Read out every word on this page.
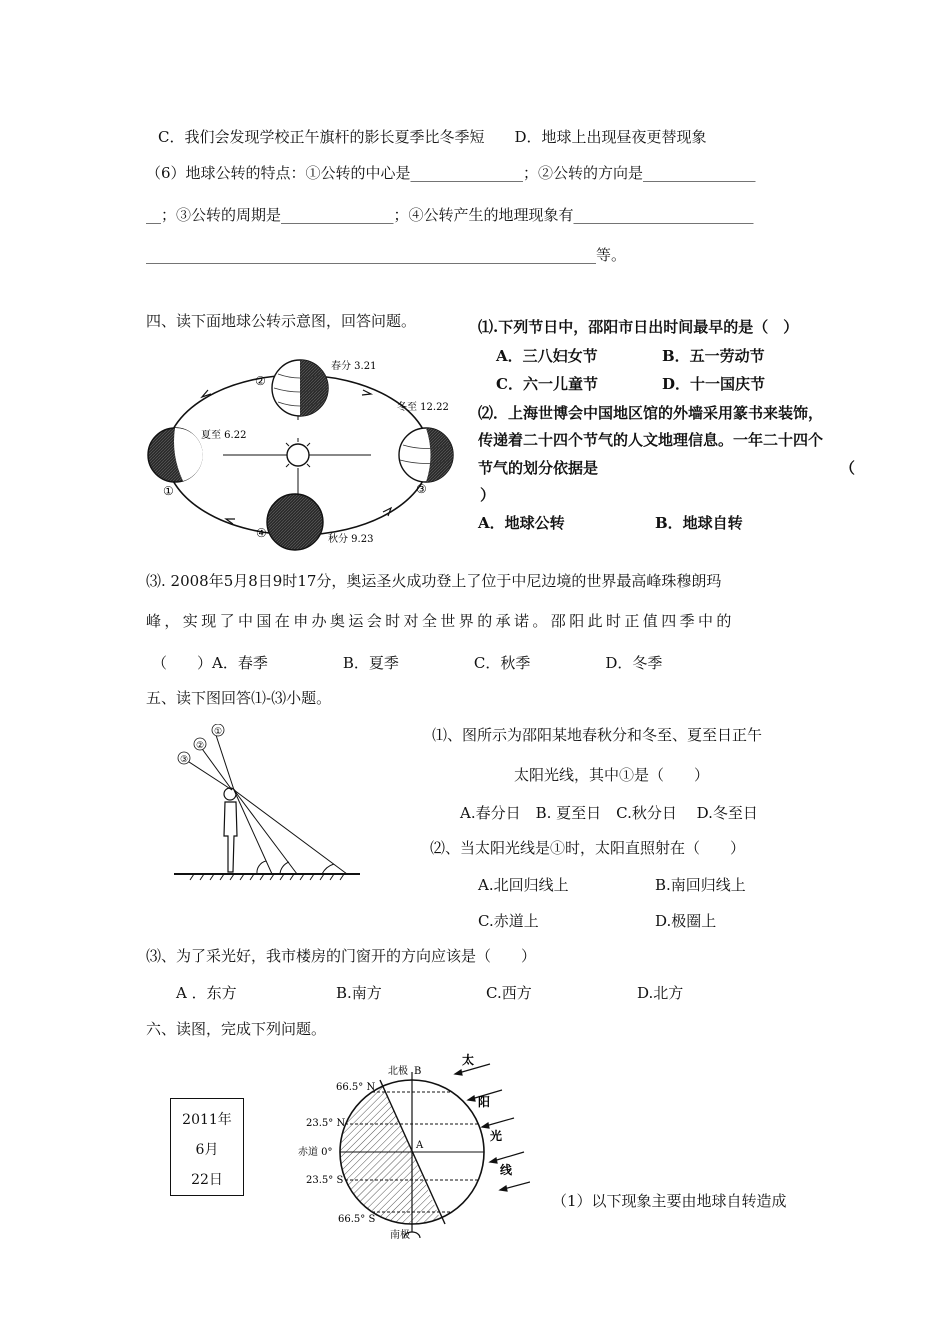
C．我们会发现学校正午旗杆的影长夏季比冬季短　　D．地球上出现昼夜更替现象
（6）地球公转的特点：①公转的中心是_______________；②公转的方向是_______________
__；③公转的周期是_______________；④公转产生的地理现象有________________________
____________________________________________________________等。
四、读下面地球公转示意图，回答问题。
春分 3.21
冬至 12.22
夏至 6.22
秋分 9.23
②
①	③
④
⑴.下列节日中，邵阳市日出时间最早的是（　）
A．三八妇女节	B．五一劳动节
C．六一儿童节	D．十一国庆节
⑵．上海世博会中国地区馆的外墙采用篆书来装饰，
传递着二十四个节气的人文地理信息。一年二十四个
节气的划分依据是	（
）
A．地球公转	B．地球自转
⑶. 2008年5月8日9时17分，奥运圣火成功登上了位于中尼边境的世界最高峰珠穆朗玛
峰，实现了中国在申办奥运会时对全世界的承诺。邵阳此时正值四季中的
（　　）A．春季　　　　　B．夏季　　　　　C．秋季　　　　　D．冬季
五、读下图回答⑴-⑶小题。
①
②
③
⑴、图所示为邵阳某地春秋分和冬至、夏至日正午
太阳光线，其中①是（　　）
A.春分日　B. 夏至日　C.秋分日　 D.冬至日
⑵、当太阳光线是①时，太阳直照射在（　　）
A.北回归线上	B.南回归线上
C.赤道上	D.极圈上
⑶、为了采光好，我市楼房的门窗开的方向应该是（　　）
A ．东方	B.南方	C.西方	D.北方
六、读图，完成下列问题。
2011年
6月
22日
北极 B
A
南极
66.5° N
23.5° N
赤道 0°
23.5° S
66.5° S
太
阳
光
线
（1）以下现象主要由地球自转造成
